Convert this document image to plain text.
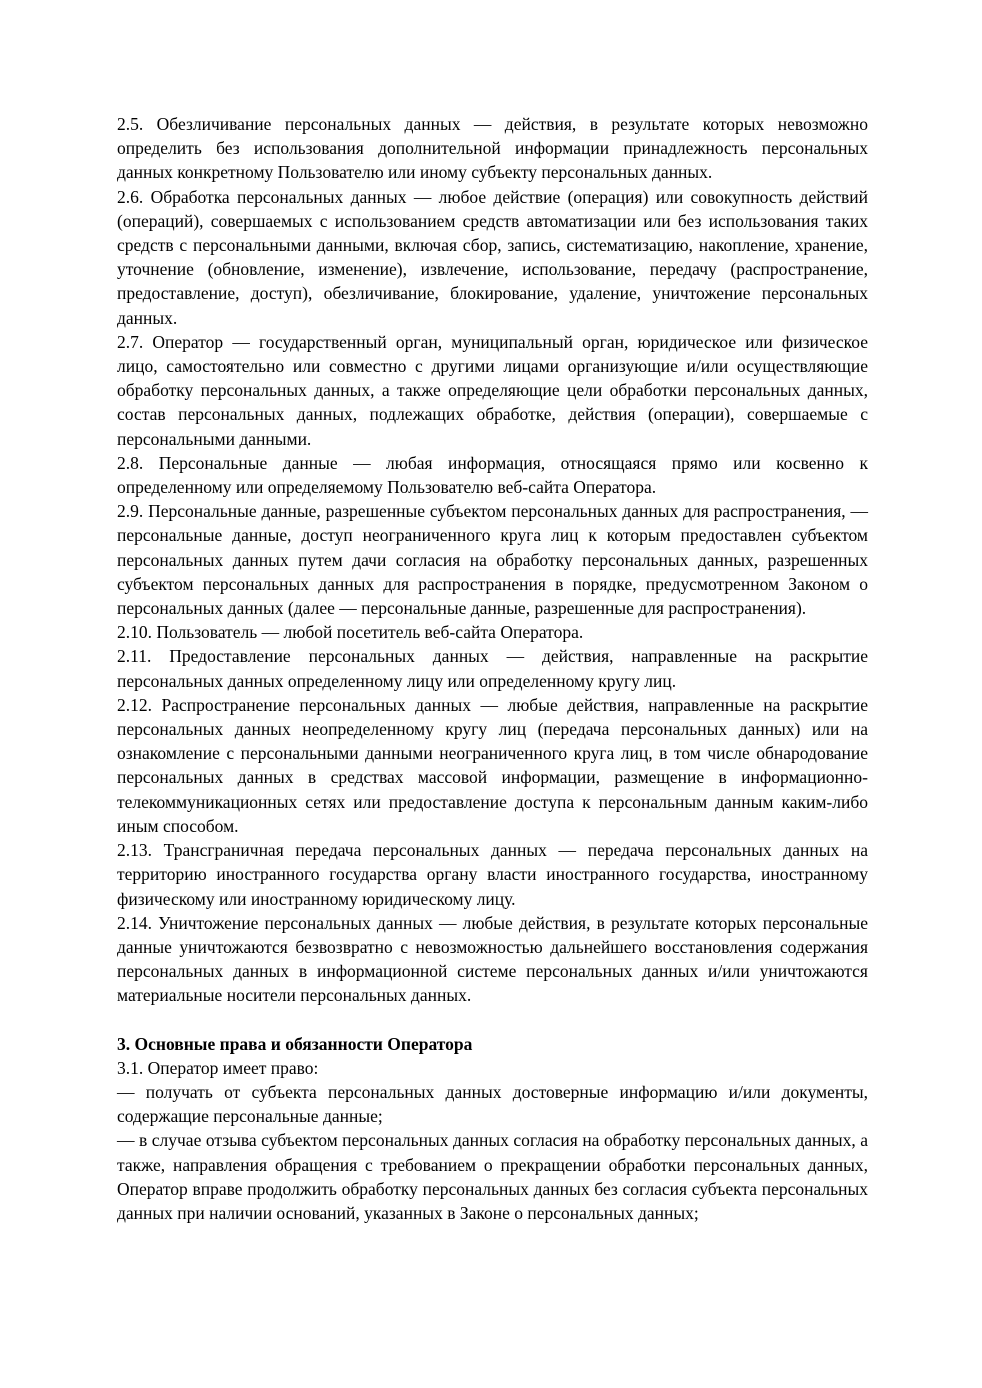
2.5. Обезличивание персональных данных — действия, в результате которых невозможно определить без использования дополнительной информации принадлежность персональных данных конкретному Пользователю или иному субъекту персональных данных.

2.6. Обработка персональных данных — любое действие (операция) или совокупность действий (операций), совершаемых с использованием средств автоматизации или без использования таких средств с персональными данными, включая сбор, запись, систематизацию, накопление, хранение, уточнение (обновление, изменение), извлечение, использование, передачу (распространение, предоставление, доступ), обезличивание, блокирование, удаление, уничтожение персональных данных.

2.7. Оператор — государственный орган, муниципальный орган, юридическое или физическое лицо, самостоятельно или совместно с другими лицами организующие и/или осуществляющие обработку персональных данных, а также определяющие цели обработки персональных данных, состав персональных данных, подлежащих обработке, действия (операции), совершаемые с персональными данными.

2.8. Персональные данные — любая информация, относящаяся прямо или косвенно к определенному или определяемому Пользователю веб-сайта Оператора.

2.9. Персональные данные, разрешенные субъектом персональных данных для распространения, — персональные данные, доступ неограниченного круга лиц к которым предоставлен субъектом персональных данных путем дачи согласия на обработку персональных данных, разрешенных субъектом персональных данных для распространения в порядке, предусмотренном Законом о персональных данных (далее — персональные данные, разрешенные для распространения).

2.10. Пользователь — любой посетитель веб-сайта Оператора.

2.11. Предоставление персональных данных — действия, направленные на раскрытие персональных данных определенному лицу или определенному кругу лиц.

2.12. Распространение персональных данных — любые действия, направленные на раскрытие персональных данных неопределенному кругу лиц (передача персональных данных) или на ознакомление с персональными данными неограниченного круга лиц, в том числе обнародование персональных данных в средствах массовой информации, размещение в информационно-телекоммуникационных сетях или предоставление доступа к персональным данным каким-либо иным способом.

2.13. Трансграничная передача персональных данных — передача персональных данных на территорию иностранного государства органу власти иностранного государства, иностранному физическому или иностранному юридическому лицу.

2.14. Уничтожение персональных данных — любые действия, в результате которых персональные данные уничтожаются безвозвратно с невозможностью дальнейшего восстановления содержания персональных данных в информационной системе персональных данных и/или уничтожаются материальные носители персональных данных.

3. Основные права и обязанности Оператора

3.1. Оператор имеет право:

— получать от субъекта персональных данных достоверные информацию и/или документы, содержащие персональные данные;

— в случае отзыва субъектом персональных данных согласия на обработку персональных данных, а также, направления обращения с требованием о прекращении обработки персональных данных, Оператор вправе продолжить обработку персональных данных без согласия субъекта персональных данных при наличии оснований, указанных в Законе о персональных данных;
